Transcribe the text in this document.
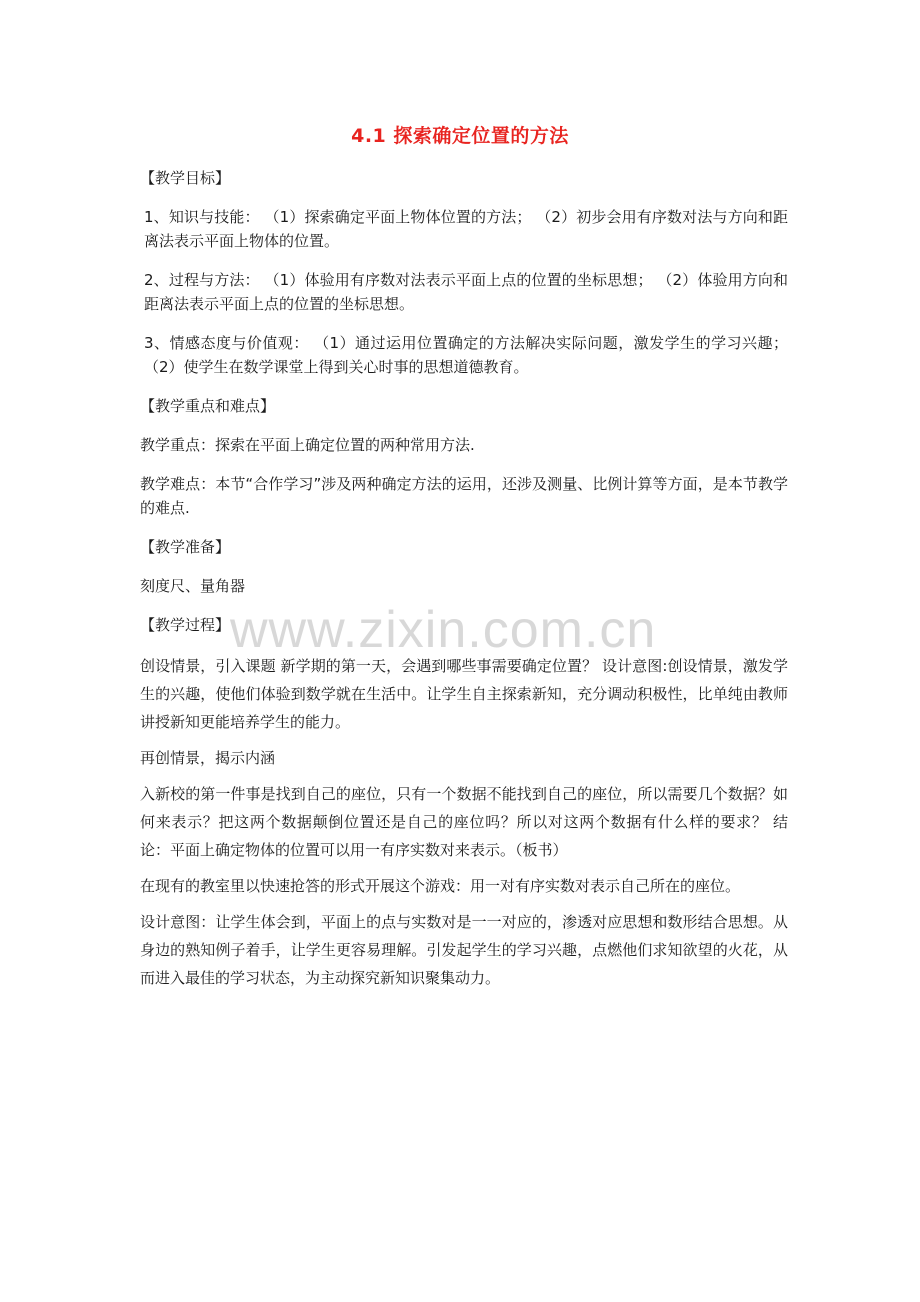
4.1 探索确定位置的方法

【教学目标】

1、知识与技能： （1）探索确定平面上物体位置的方法； （2）初步会用有序数对法与方向和距离法表示平面上物体的位置。

2、过程与方法： （1）体验用有序数对法表示平面上点的位置的坐标思想； （2）体验用方向和距离法表示平面上点的位置的坐标思想。

3、情感态度与价值观： （1）通过运用位置确定的方法解决实际问题，激发学生的学习兴趣； （2）使学生在数学课堂上得到关心时事的思想道德教育。

【教学重点和难点】

教学重点：探索在平面上确定位置的两种常用方法.

教学难点：本节“合作学习”涉及两种确定方法的运用，还涉及测量、比例计算等方面，是本节教学的难点.

【教学准备】

刻度尺、量角器

【教学过程】

创设情景，引入课题 新学期的第一天，会遇到哪些事需要确定位置？ 设计意图:创设情景，激发学生的兴趣，使他们体验到数学就在生活中。让学生自主探索新知，充分调动积极性，比单纯由教师讲授新知更能培养学生的能力。

再创情景，揭示内涵

入新校的第一件事是找到自己的座位，只有一个数据不能找到自己的座位，所以需要几个数据？如何来表示？把这两个数据颠倒位置还是自己的座位吗？所以对这两个数据有什么样的要求？ 结论：平面上确定物体的位置可以用一有序实数对来表示。（板书）

在现有的教室里以快速抢答的形式开展这个游戏：用一对有序实数对表示自己所在的座位。

设计意图：让学生体会到，平面上的点与实数对是一一对应的，渗透对应思想和数形结合思想。从身边的熟知例子着手，让学生更容易理解。引发起学生的学习兴趣，点燃他们求知欲望的火花，从而进入最佳的学习状态，为主动探究新知识聚集动力。

www.zixin.com.cn
